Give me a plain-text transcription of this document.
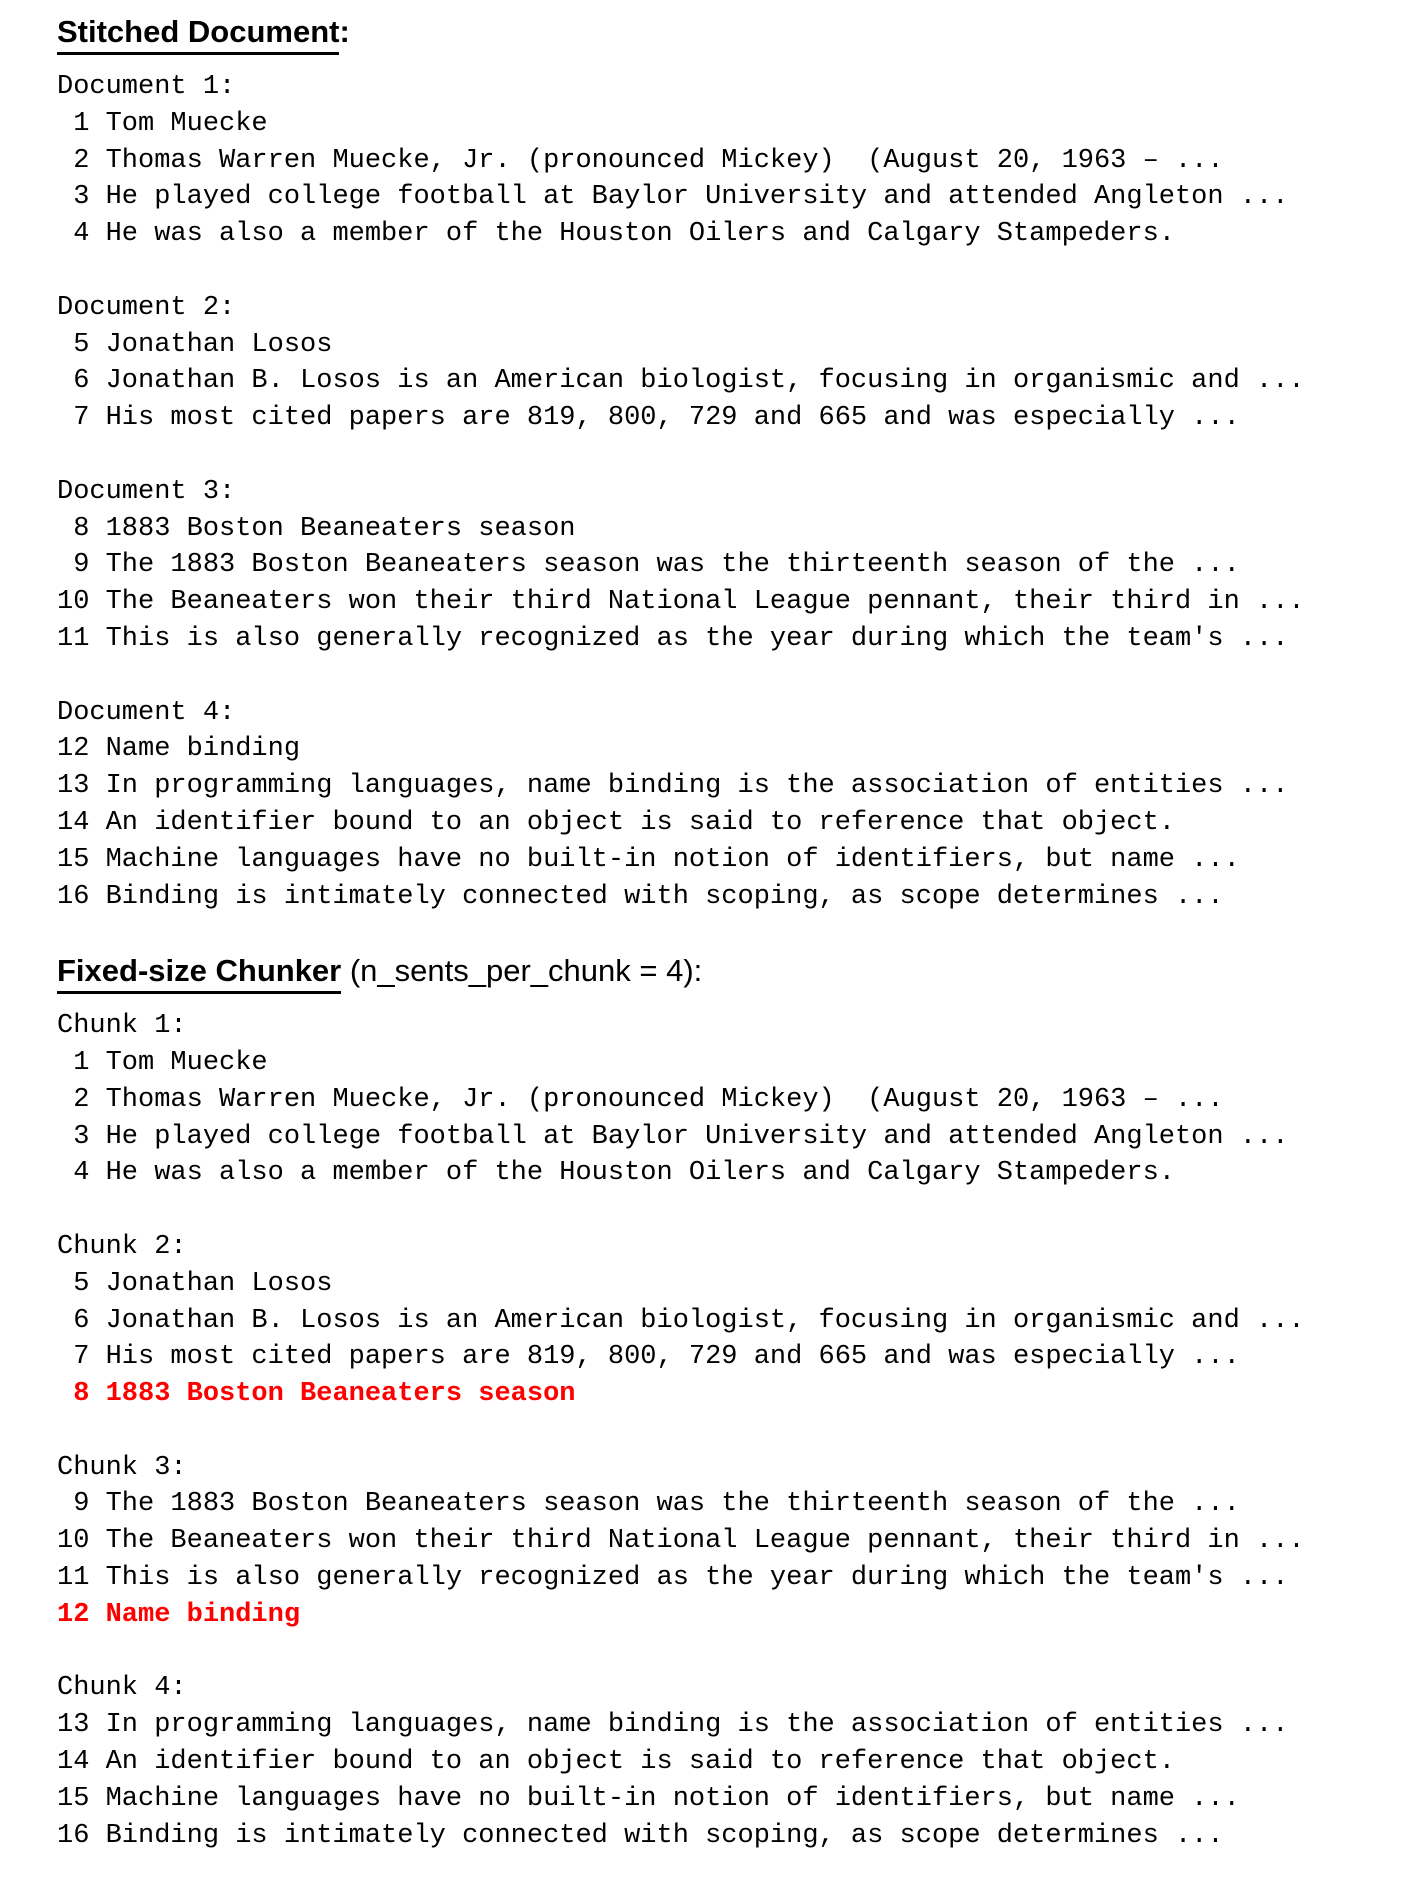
Stitched Document:
Document 1:
1 Tom Muecke
2 Thomas Warren Muecke, Jr. (pronounced Mickey)  (August 20, 1963 – ...
3 He played college football at Baylor University and attended Angleton ...
4 He was also a member of the Houston Oilers and Calgary Stampeders.
Document 2:
5 Jonathan Losos
6 Jonathan B. Losos is an American biologist, focusing in organismic and ...
7 His most cited papers are 819, 800, 729 and 665 and was especially ...
Document 3:
8 1883 Boston Beaneaters season
9 The 1883 Boston Beaneaters season was the thirteenth season of the ...
10 The Beaneaters won their third National League pennant, their third in ...
11 This is also generally recognized as the year during which the team's ...
Document 4:
12 Name binding
13 In programming languages, name binding is the association of entities ...
14 An identifier bound to an object is said to reference that object.
15 Machine languages have no built-in notion of identifiers, but name ...
16 Binding is intimately connected with scoping, as scope determines ...
Fixed-size Chunker (n_sents_per_chunk = 4):
Chunk 1:
1 Tom Muecke
2 Thomas Warren Muecke, Jr. (pronounced Mickey)  (August 20, 1963 – ...
3 He played college football at Baylor University and attended Angleton ...
4 He was also a member of the Houston Oilers and Calgary Stampeders.
Chunk 2:
5 Jonathan Losos
6 Jonathan B. Losos is an American biologist, focusing in organismic and ...
7 His most cited papers are 819, 800, 729 and 665 and was especially ...
8 1883 Boston Beaneaters season
Chunk 3:
9 The 1883 Boston Beaneaters season was the thirteenth season of the ...
10 The Beaneaters won their third National League pennant, their third in ...
11 This is also generally recognized as the year during which the team's ...
12 Name binding
Chunk 4:
13 In programming languages, name binding is the association of entities ...
14 An identifier bound to an object is said to reference that object.
15 Machine languages have no built-in notion of identifiers, but name ...
16 Binding is intimately connected with scoping, as scope determines ...
